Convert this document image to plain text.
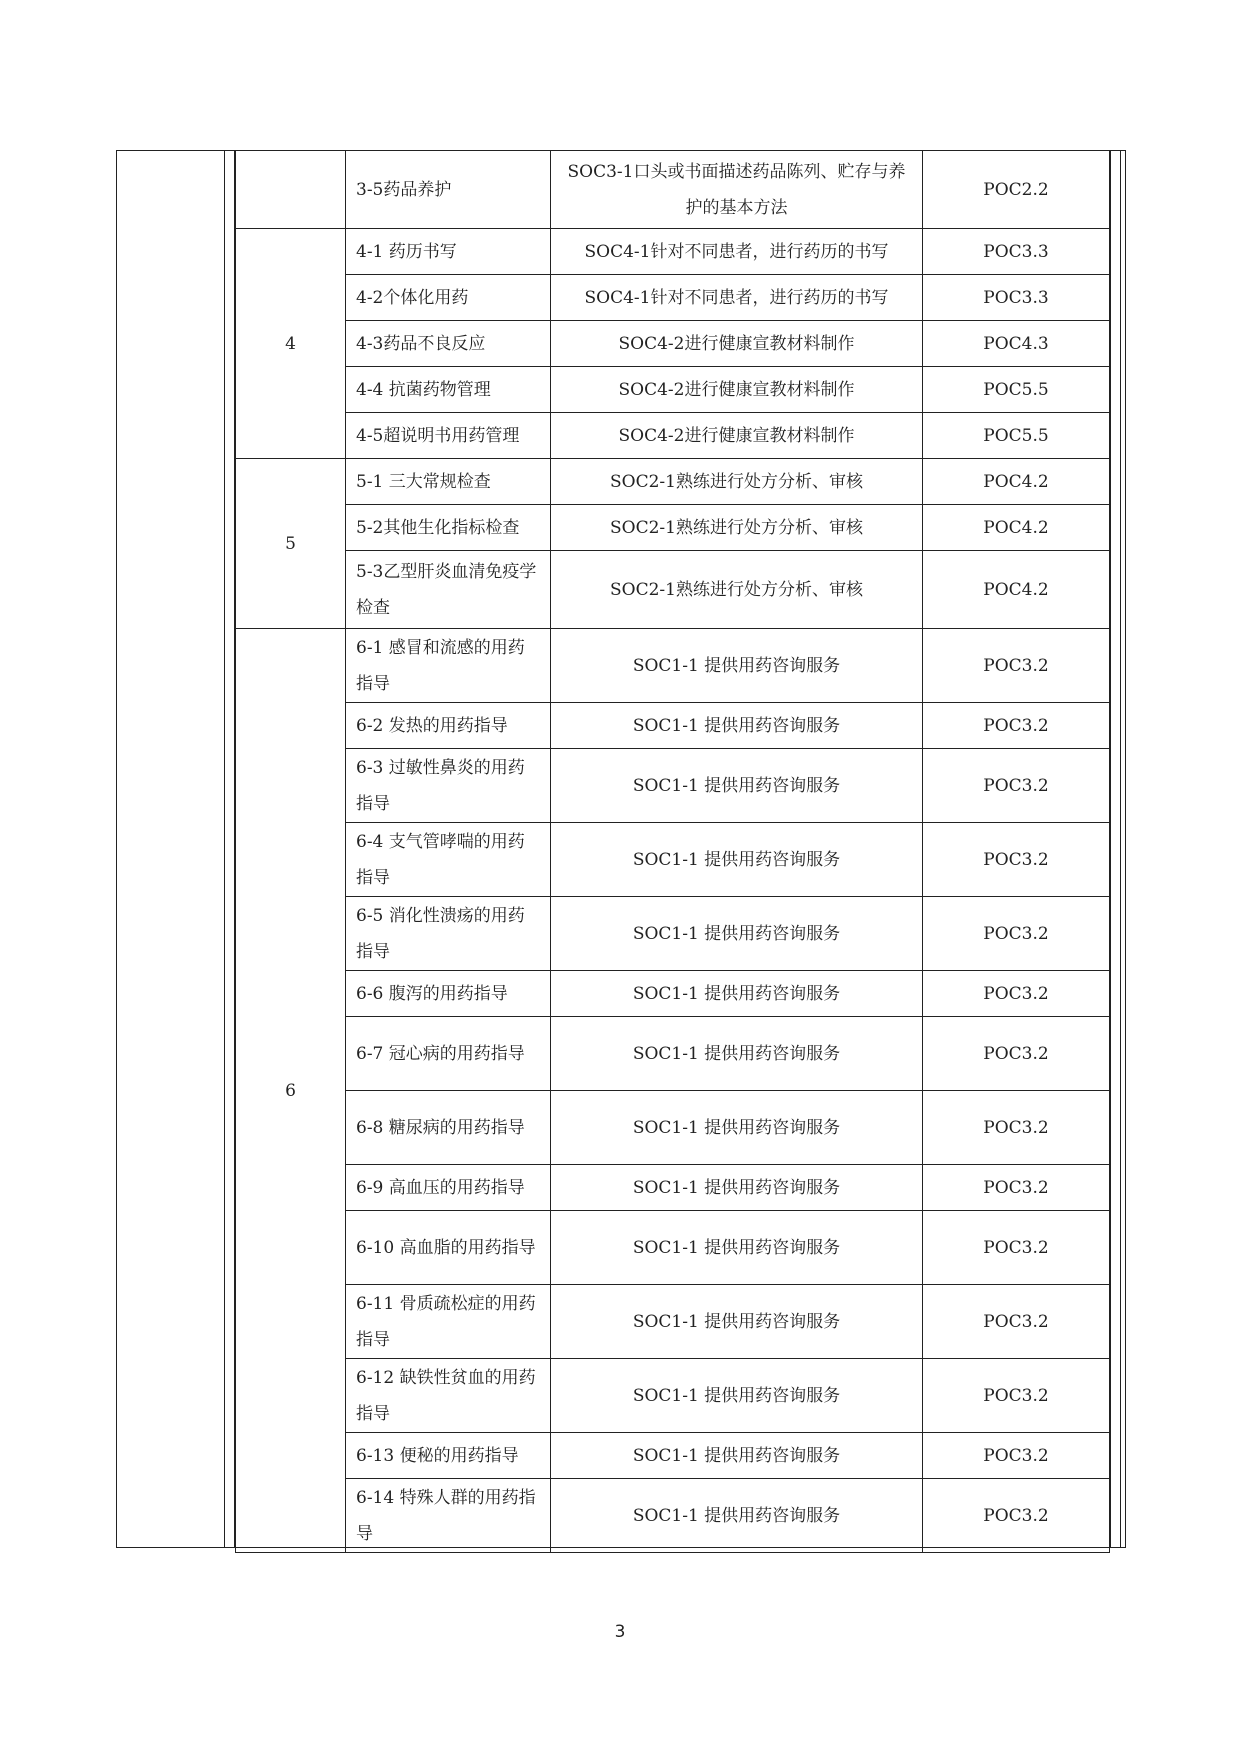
	3-5药品养护	SOC3-1口头或书面描述药品陈列、贮存与养护的基本方法	POC2.2
4	4-1 药历书写	SOC4-1针对不同患者，进行药历的书写	POC3.3
	4-2个体化用药	SOC4-1针对不同患者，进行药历的书写	POC3.3
	4-3药品不良反应	SOC4-2进行健康宣教材料制作	POC4.3
	4-4 抗菌药物管理	SOC4-2进行健康宣教材料制作	POC5.5
	4-5超说明书用药管理	SOC4-2进行健康宣教材料制作	POC5.5
5	5-1 三大常规检查	SOC2-1熟练进行处方分析、审核	POC4.2
	5-2其他生化指标检查	SOC2-1熟练进行处方分析、审核	POC4.2
	5-3乙型肝炎血清免疫学检查	SOC2-1熟练进行处方分析、审核	POC4.2
6	6-1 感冒和流感的用药指导	SOC1-1 提供用药咨询服务	POC3.2
	6-2 发热的用药指导	SOC1-1 提供用药咨询服务	POC3.2
	6-3 过敏性鼻炎的用药指导	SOC1-1 提供用药咨询服务	POC3.2
	6-4 支气管哮喘的用药指导	SOC1-1 提供用药咨询服务	POC3.2
	6-5 消化性溃疡的用药指导	SOC1-1 提供用药咨询服务	POC3.2
	6-6 腹泻的用药指导	SOC1-1 提供用药咨询服务	POC3.2
	6-7 冠心病的用药指导	SOC1-1 提供用药咨询服务	POC3.2
	6-8 糖尿病的用药指导	SOC1-1 提供用药咨询服务	POC3.2
	6-9 高血压的用药指导	SOC1-1 提供用药咨询服务	POC3.2
	6-10 高血脂的用药指导	SOC1-1 提供用药咨询服务	POC3.2
	6-11 骨质疏松症的用药指导	SOC1-1 提供用药咨询服务	POC3.2
	6-12 缺铁性贫血的用药指导	SOC1-1 提供用药咨询服务	POC3.2
	6-13 便秘的用药指导	SOC1-1 提供用药咨询服务	POC3.2
	6-14 特殊人群的用药指导	SOC1-1 提供用药咨询服务	POC3.2
3
